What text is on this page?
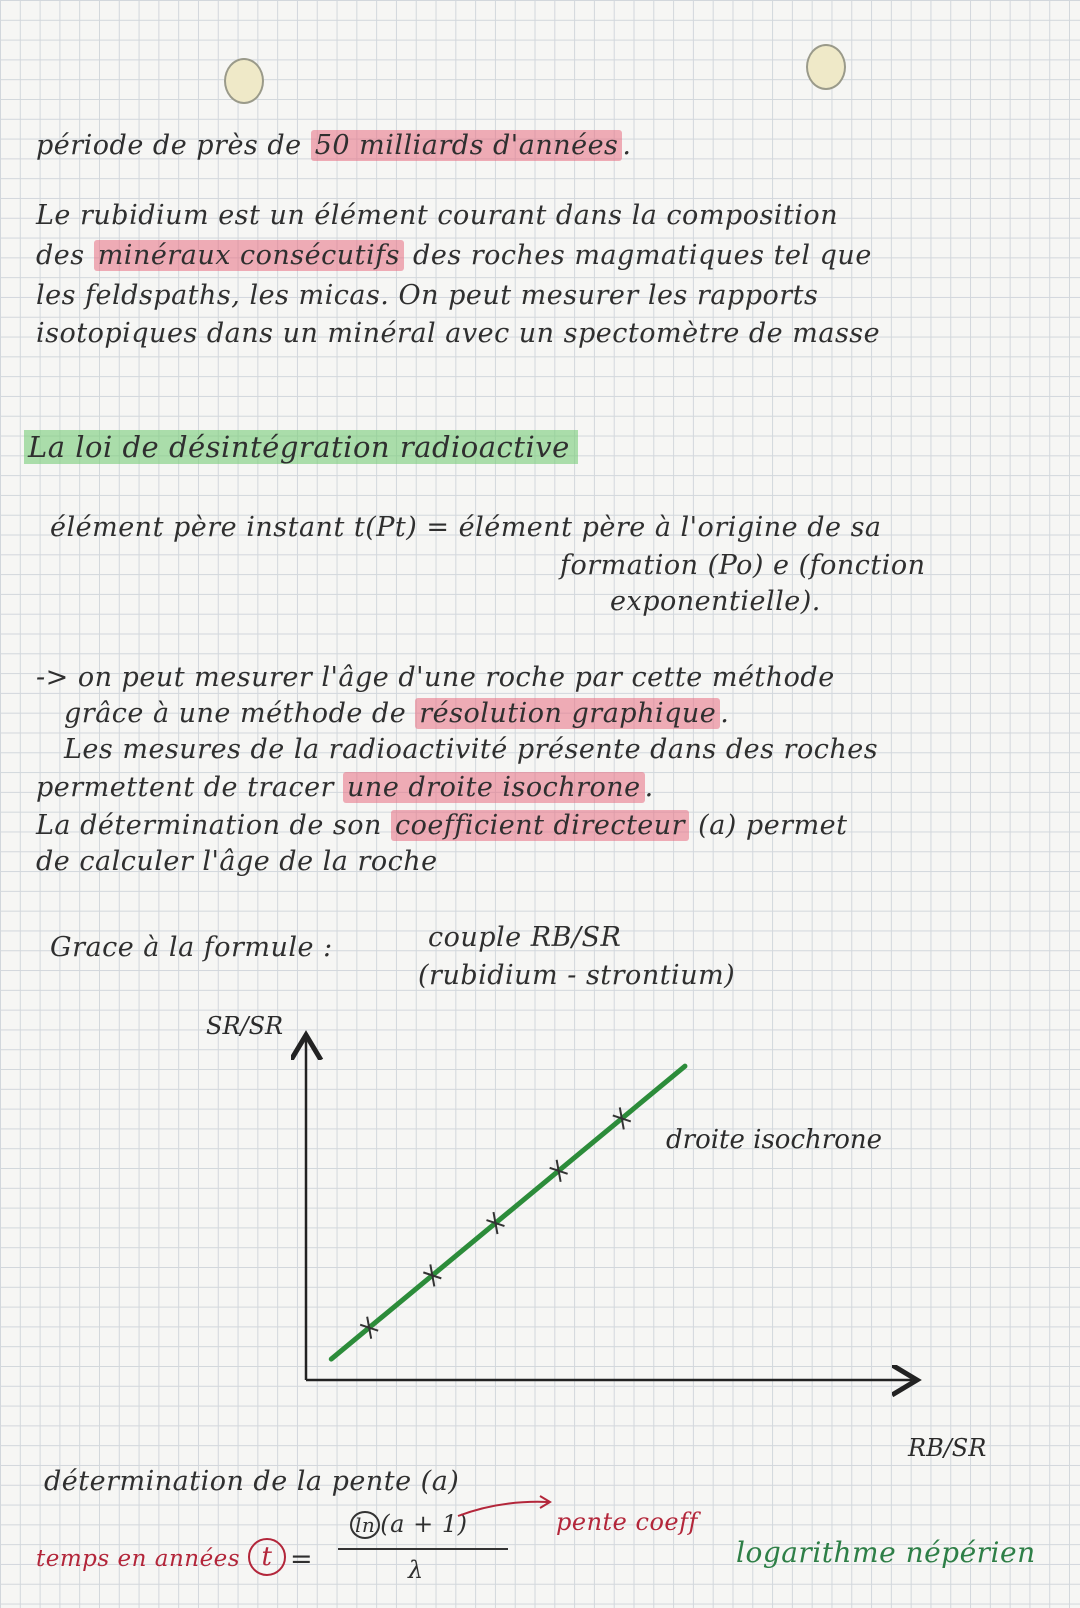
période de près de 50 milliards d'années .
Le rubidium est un élément courant dans la composition
des minéraux consécutifs des roches magmatiques tel que
les feldspaths, les micas. On peut mesurer les rapports
isotopiques dans un minéral avec un spectomètre de masse
La loi de désintégration radioactive
élément père instant t(Pt) = élément père à l'origine de sa
formation (Po) e (fonction
exponentielle).
-> on peut mesurer l'âge d'une roche par cette méthode
grâce à une méthode de résolution graphique .
Les mesures de la radioactivité présente dans des roches
permettent de tracer une droite isochrone .
La détermination de son coefficient directeur (a) permet
de calculer l'âge de la roche
Grace à la formule :	couple RB/SR
(rubidium - strontium)
SR/SR
RB/SR
droite isochrone
détermination de la pente (a)
pente coeff
temps en années t =
ln (a + 1)
λ
logarithme népérien
